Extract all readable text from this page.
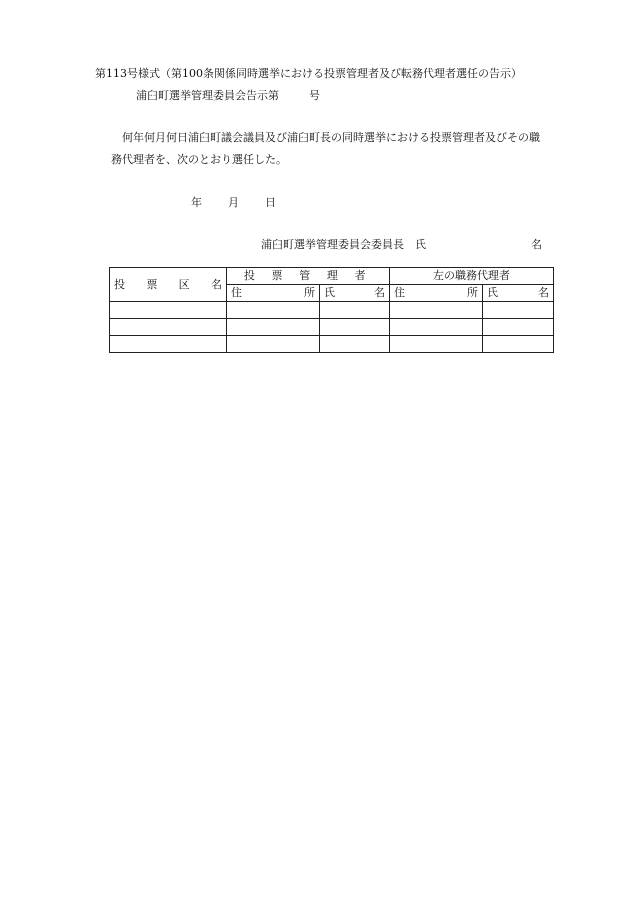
第113号様式（第100条関係同時選挙における投票管理者及び転務代理者選任の告示）
浦臼町選挙管理委員会告示第	号
何年何月何日浦臼町議会議員及び浦臼町長の同時選挙における投票管理者及びその職
務代理者を、次のとおり選任した。
年 月 日
浦臼町選挙管理委員会委員長　氏	名
投 票 区 名	投 票 管 理 者		左の職務代理者	

	住 所	氏 名	住 所	氏 名
